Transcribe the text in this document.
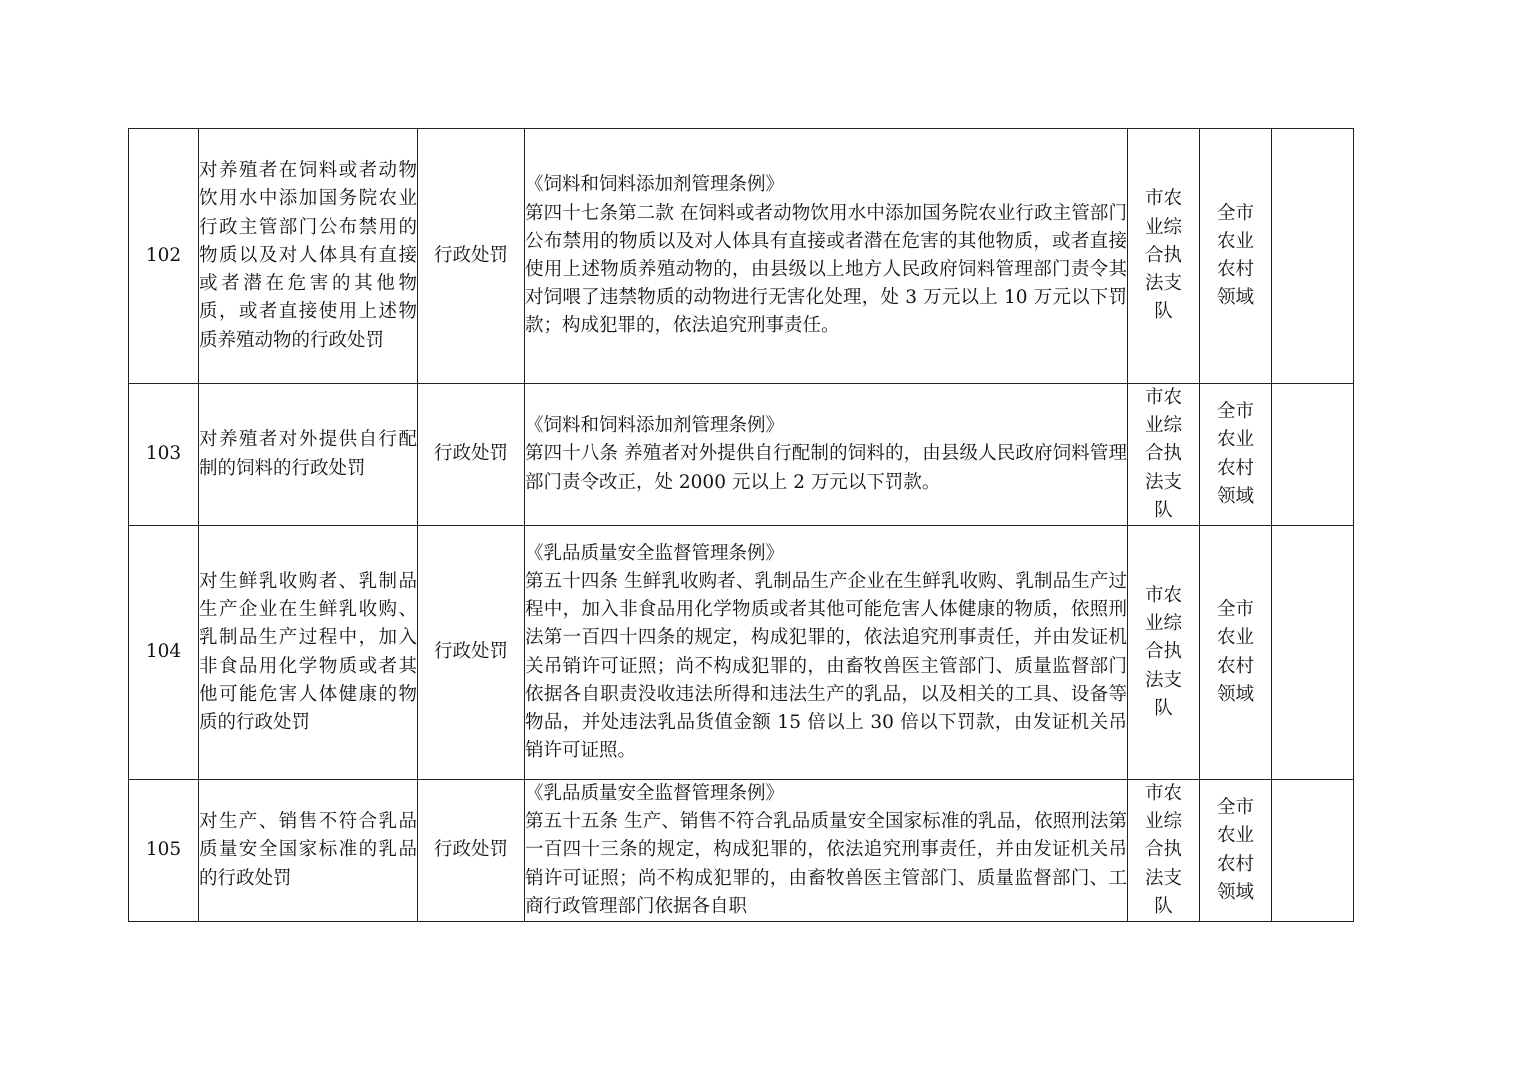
102	对养殖者在饲料或者动物饮用水中添加国务院农业行政主管部门公布禁用的物质以及对人体具有直接或者潜在危害的其他物质，或者直接使用上述物质养殖动物的行政处罚	行政处罚	《饲料和饲料添加剂管理条例》
第四十七条第二款 在饲料或者动物饮用水中添加国务院农业行政主管部门公布禁用的物质以及对人体具有直接或者潜在危害的其他物质，或者直接使用上述物质养殖动物的，由县级以上地方人民政府饲料管理部门责令其对饲喂了违禁物质的动物进行无害化处理，处 3 万元以上 10 万元以下罚款；构成犯罪的，依法追究刑事责任。	市农业综合执法支队	全市农业农村领域	
103	对养殖者对外提供自行配制的饲料的行政处罚	行政处罚	《饲料和饲料添加剂管理条例》
第四十八条 养殖者对外提供自行配制的饲料的，由县级人民政府饲料管理部门责令改正，处 2000 元以上 2 万元以下罚款。	市农业综合执法支队	全市农业农村领域	
104	对生鲜乳收购者、乳制品生产企业在生鲜乳收购、乳制品生产过程中，加入非食品用化学物质或者其他可能危害人体健康的物质的行政处罚	行政处罚	《乳品质量安全监督管理条例》
第五十四条 生鲜乳收购者、乳制品生产企业在生鲜乳收购、乳制品生产过程中，加入非食品用化学物质或者其他可能危害人体健康的物质，依照刑法第一百四十四条的规定，构成犯罪的，依法追究刑事责任，并由发证机关吊销许可证照；尚不构成犯罪的，由畜牧兽医主管部门、质量监督部门依据各自职责没收违法所得和违法生产的乳品，以及相关的工具、设备等物品，并处违法乳品货值金额 15 倍以上 30 倍以下罚款，由发证机关吊销许可证照。	市农业综合执法支队	全市农业农村领域	
105	对生产、销售不符合乳品质量安全国家标准的乳品的行政处罚	行政处罚	《乳品质量安全监督管理条例》
第五十五条 生产、销售不符合乳品质量安全国家标准的乳品，依照刑法第一百四十三条的规定，构成犯罪的，依法追究刑事责任，并由发证机关吊销许可证照；尚不构成犯罪的，由畜牧兽医主管部门、质量监督部门、工商行政管理部门依据各自职	市农业综合执法支队	全市农业农村领域	
